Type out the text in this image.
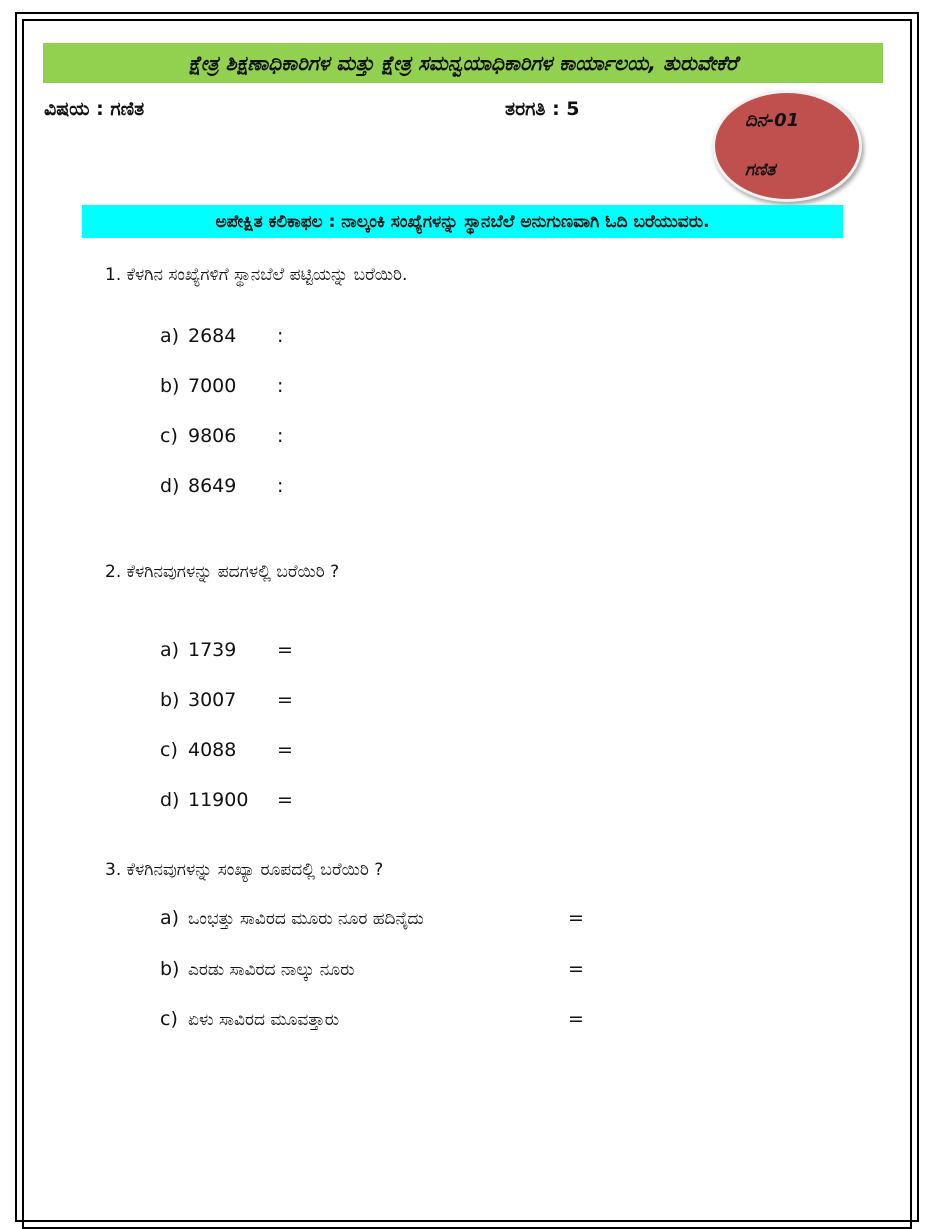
ಕ್ಷೇತ್ರ ಶಿಕ್ಷಣಾಧಿಕಾರಿಗಳ ಮತ್ತು ಕ್ಷೇತ್ರ ಸಮನ್ವಯಾಧಿಕಾರಿಗಳ ಕಾರ್ಯಾಲಯ, ತುರುವೇಕೆರೆ
ವಿಷಯ : ಗಣಿತ	ತರಗತಿ : 5
ದಿನ-01
ಗಣಿತ
ಅಪೇಕ್ಷಿತ ಕಲಿಕಾಫಲ : ನಾಲ್ಕಂಕಿ ಸಂಖ್ಯೆಗಳನ್ನು ಸ್ಥಾನಬೆಲೆ ಅನುಗುಣವಾಗಿ ಓದಿ ಬರೆಯುವರು.
1. ಕೆಳಗಿನ ಸಂಖ್ಯೆಗಳಿಗೆ ಸ್ಥಾನಬೆಲೆ ಪಟ್ಟಿಯನ್ನು ಬರೆಯಿರಿ.
a) 2684 :
b) 7000 :
c) 9806 :
d) 8649 :
2. ಕೆಳಗಿನವುಗಳನ್ನು ಪದಗಳಲ್ಲಿ ಬರೆಯಿರಿ ?
a) 1739 =
b) 3007 =
c) 4088 =
d) 11900 =
3. ಕೆಳಗಿನವುಗಳನ್ನು ಸಂಖ್ಯಾ ರೂಪದಲ್ಲಿ ಬರೆಯಿರಿ ?
a) ಒಂಭತ್ತು ಸಾವಿರದ ಮೂರು ನೂರ ಹದಿನೈದು	=
b) ಎರಡು ಸಾವಿರದ ನಾಲ್ಕು ನೂರು	=
c) ಏಳು ಸಾವಿರದ ಮೂವತ್ತಾರು	=
